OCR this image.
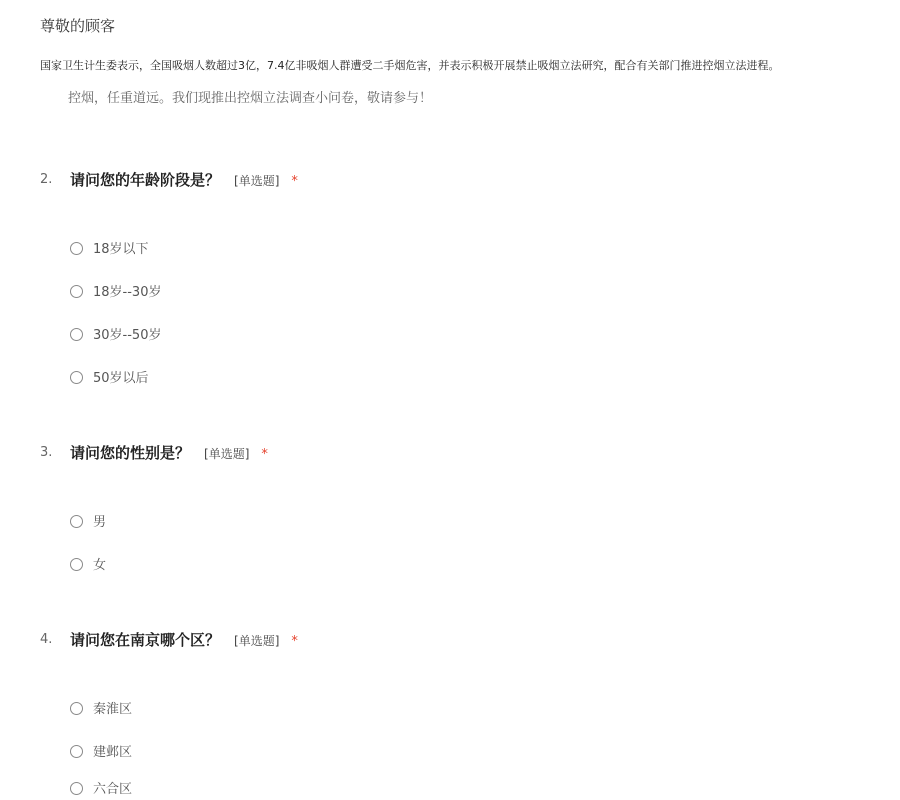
尊敬的顾客
国家卫生计生委表示，全国吸烟人数超过3亿，7.4亿非吸烟人群遭受二手烟危害，并表示积极开展禁止吸烟立法研究，配合有关部门推进控烟立法进程。
控烟，任重道远。我们现推出控烟立法调查小问卷，敬请参与！
2. 请问您的年龄阶段是？ [单选题] *
18岁以下
18岁--30岁
30岁--50岁
50岁以后
3. 请问您的性别是？ [单选题] *
男
女
4. 请问您在南京哪个区？ [单选题] *
秦淮区
建邺区
六合区
